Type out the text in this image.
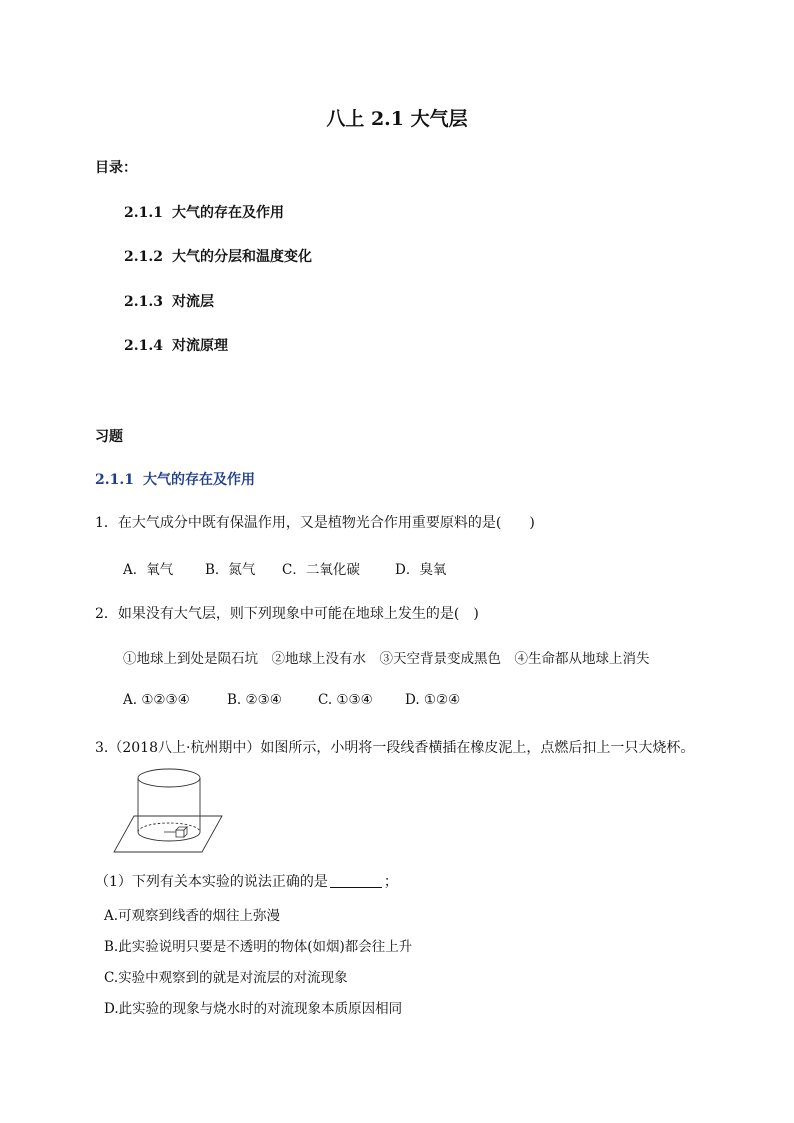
八上 2.1 大气层
目录：
2.1.1 大气的存在及作用
2.1.2 大气的分层和温度变化
2.1.3 对流层
2.1.4 对流原理
习题
2.1.1 大气的存在及作用
1．在大气成分中既有保温作用，又是植物光合作用重要原料的是(　　)
A．氧气 B．氮气 C．二氧化碳	D．臭氧
2．如果没有大气层，则下列现象中可能在地球上发生的是(　)
①地球上到处是陨石坑　②地球上没有水　③天空背景变成黑色　④生命都从地球上消失
A. ①②③④	B. ②③④	C. ①③④ D. ①②④
3.（2018八上·杭州期中）如图所示，小明将一段线香横插在橡皮泥上，点燃后扣上一只大烧杯。
（1）下列有关本实验的说法正确的是	；
A.可观察到线香的烟往上弥漫
B.此实验说明只要是不透明的物体(如烟)都会往上升
C.实验中观察到的就是对流层的对流现象
D.此实验的现象与烧水时的对流现象本质原因相同
